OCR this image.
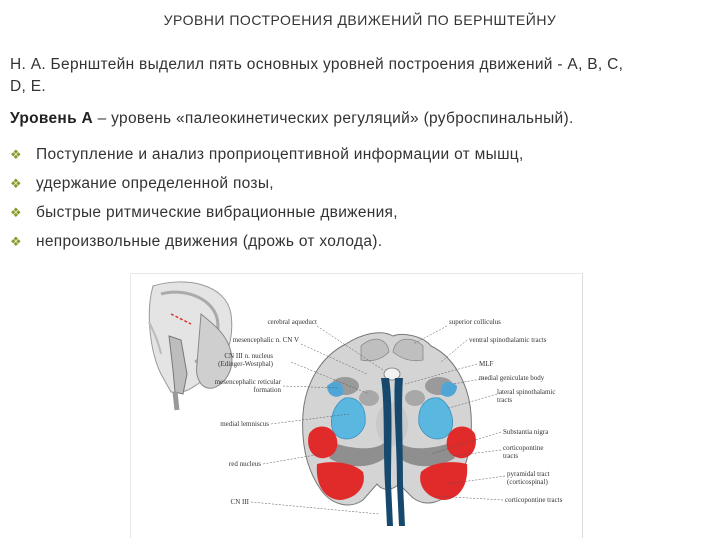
УРОВНИ ПОСТРОЕНИЯ ДВИЖЕНИЙ ПО БЕРНШТЕЙНУ
Н. А. Бернштейн выделил пять основных уровней построения движений - А, В, С,
D, Е.
Уровень А – уровень «палеокинетических регуляций» (руброспинальный).
❖ Поступление и анализ проприоцептивной информации от мышц,
❖ удержание определенной позы,
❖ быстрые ритмические вибрационные движения,
❖ непроизвольные движения (дрожь от холода).
cerebral aqueduct
mesencephalic n. CN V
CN III n. nucleus
(Edinger-Westphal)
mesencephalic reticular
formation
medial lemniscus
red nucleus
CN III
superior colliculus
ventral spinothalamic tracts
MLF
medial geniculate body
lateral spinothalamic
tracts
Substantia nigra
corticopontine
tracts
pyramidal tract
(corticospinal)
corticopontine tracts
